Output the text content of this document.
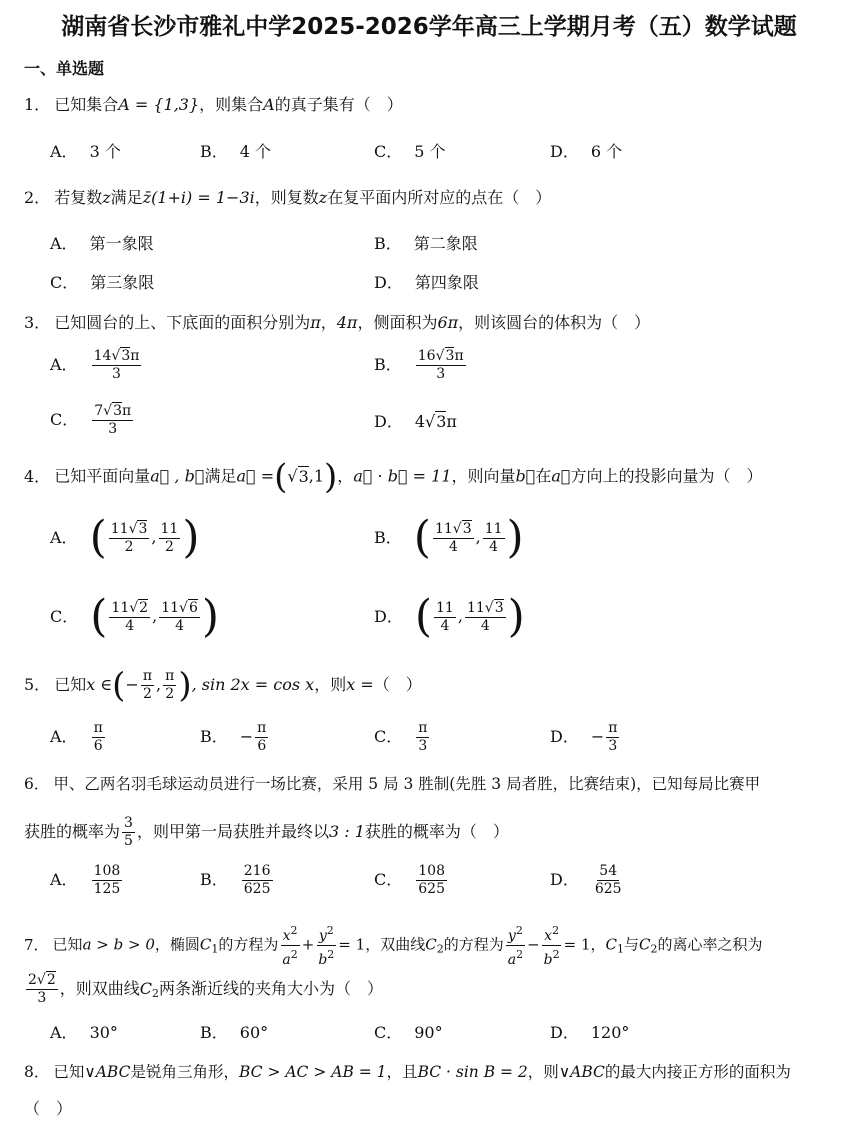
湖南省长沙市雅礼中学2025-2026学年高三上学期月考（五）数学试题
一、单选题
1． 已知集合A = {1,3}，则集合A的真子集有（　）
A． 3 个	B． 4 个	C． 5 个	D． 6 个
2． 若复数z满足z̄(1+i) = 1−3i，则复数z在复平面内所对应的点在（　）
A． 第一象限	B． 第二象限
C． 第三象限	D． 第四象限
3． 已知圆台的上、下底面的面积分别为π，4π，侧面积为6π，则该圆台的体积为（　）
A． $\frac{14√3\pi}{3}$	B． $\frac{16√3\pi}{3}$
C． $\frac{7√3\pi}{3}$	D． 4√3π
4． 已知平面向量a⃗ , b⃗满足a⃗ =(√3,1)，a⃗ · b⃗ = 11，则向量b⃗在a⃗方向上的投影向量为（　）
A． ( $\frac{11√3}{2}$ , $\frac{11}{2}$ )	B． ( $\frac{11√3}{4}$ , $\frac{11}{4}$ )
C． ( $\frac{11√2}{4}$ , $\frac{11√6}{4}$ )	D． ( $\frac{11}{4}$ , $\frac{11√3}{4}$ )
5． 已知x ∈(− $\frac{\pi}{2}$ , $\frac{\pi}{2}$ ), sin 2x = cos x，则x =（　）
A． $\frac{\pi}{6}$	B． − $\frac{\pi}{6}$	C． $\frac{\pi}{3}$	D． − $\frac{\pi}{3}$
6． 甲、乙两名羽毛球运动员进行一场比赛，采用 5 局 3 胜制(先胜 3 局者胜，比赛结束)，已知每局比赛甲
获胜的概率为 $\frac{3}{5}$ ，则甲第一局获胜并最终以3 : 1获胜的概率为（　）
A． $\frac{108}{125}$	B． $\frac{216}{625}$	C． $\frac{108}{625}$	D． $\frac{54}{625}$
7． 已知a > b > 0，椭圆$C_1$的方程为 $\frac{x^2}{a^2} + \frac{y^2}{b^2} = 1$，双曲线$C_2$的方程为 $\frac{y^2}{a^2} - \frac{x^2}{b^2} = 1$，$C_1$与$C_2$的离心率之积为
$\frac{2√2}{3}$ ，则双曲线$C_2$两条渐近线的夹角大小为（　）
A． 30°	B． 60°	C． 90°	D． 120°
8． 已知∨ABC是锐角三角形，BC > AC > AB = 1，且BC · sin B = 2，则∨ABC的最大内接正方形的面积为
（　）
